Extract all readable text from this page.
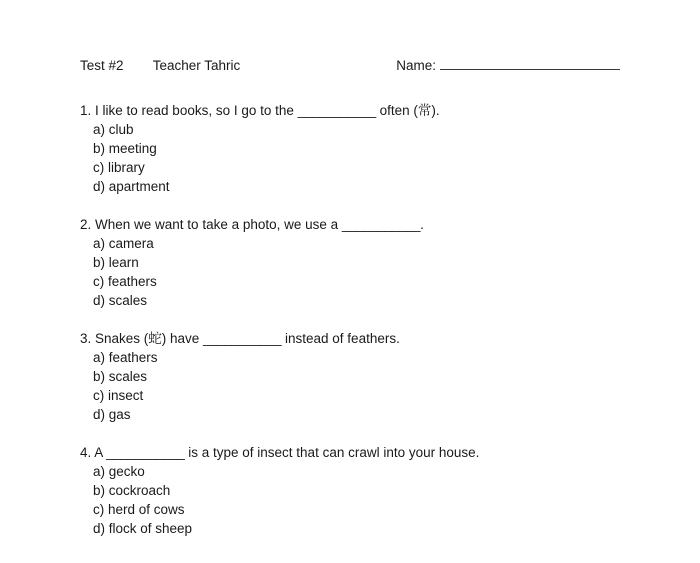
Test #2	Teacher Tahric	Name:
1. I like to read books, so I go to the ___________ often (常).
a) club
b) meeting
c) library
d) apartment
2. When we want to take a photo, we use a ___________.
a) camera
b) learn
c) feathers
d) scales
3. Snakes (蛇) have ___________ instead of feathers.
a) feathers
b) scales
c) insect
d) gas
4. A ___________ is a type of insect that can crawl into your house.
a) gecko
b) cockroach
c) herd of cows
d) flock of sheep
